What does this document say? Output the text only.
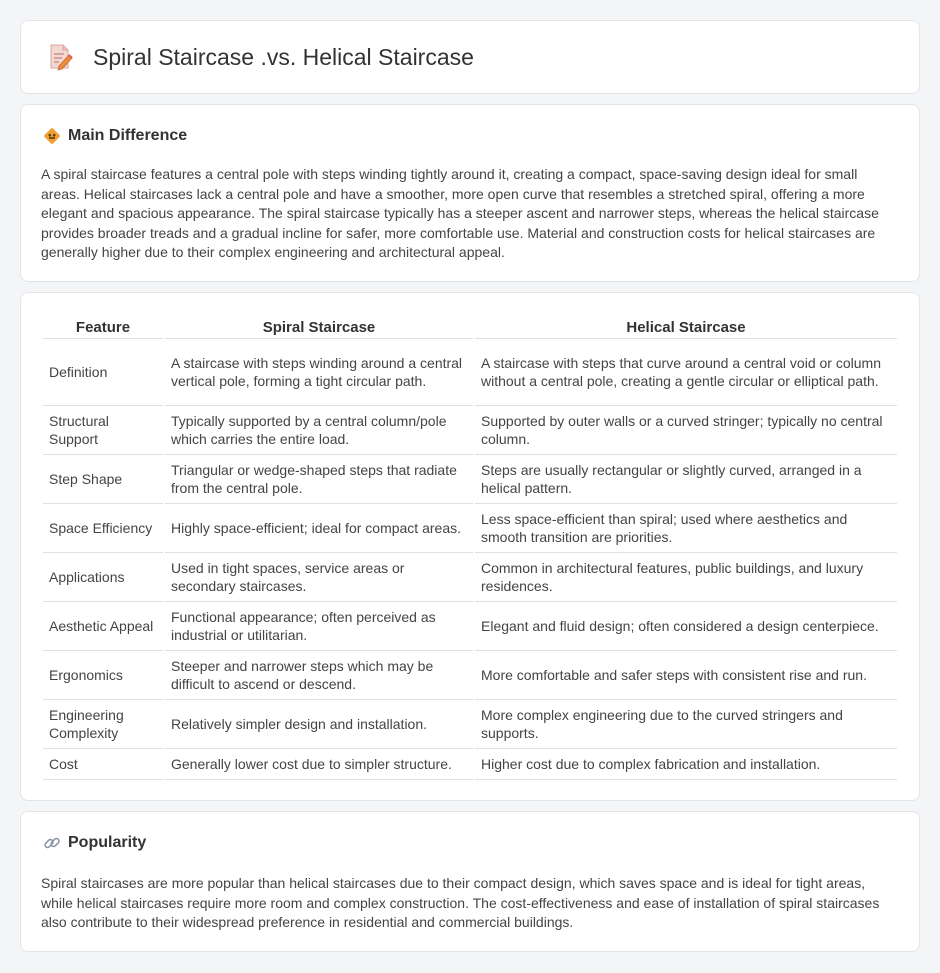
Spiral Staircase .vs. Helical Staircase
Main Difference

A spiral staircase features a central pole with steps winding tightly around it, creating a compact, space-saving design ideal for small areas. Helical staircases lack a central pole and have a smoother, more open curve that resembles a stretched spiral, offering a more elegant and spacious appearance. The spiral staircase typically has a steeper ascent and narrower steps, whereas the helical staircase provides broader treads and a gradual incline for safer, more comfortable use. Material and construction costs for helical staircases are generally higher due to their complex engineering and architectural appeal.

Feature	Spiral Staircase	Helical Staircase
Definition	A staircase with steps winding around a central vertical pole, forming a tight circular path.	A staircase with steps that curve around a central void or column without a central pole, creating a gentle circular or elliptical path.
Structural Support	Typically supported by a central column/pole which carries the entire load.	Supported by outer walls or a curved stringer; typically no central column.
Step Shape	Triangular or wedge-shaped steps that radiate from the central pole.	Steps are usually rectangular or slightly curved, arranged in a helical pattern.
Space Efficiency	Highly space-efficient; ideal for compact areas.	Less space-efficient than spiral; used where aesthetics and smooth transition are priorities.
Applications	Used in tight spaces, service areas or secondary staircases.	Common in architectural features, public buildings, and luxury residences.
Aesthetic Appeal	Functional appearance; often perceived as industrial or utilitarian.	Elegant and fluid design; often considered a design centerpiece.
Ergonomics	Steeper and narrower steps which may be difficult to ascend or descend.	More comfortable and safer steps with consistent rise and run.
Engineering Complexity	Relatively simpler design and installation.	More complex engineering due to the curved stringers and supports.
Cost	Generally lower cost due to simpler structure.	Higher cost due to complex fabrication and installation.
Popularity

Spiral staircases are more popular than helical staircases due to their compact design, which saves space and is ideal for tight areas, while helical staircases require more room and complex construction. The cost-effectiveness and ease of installation of spiral staircases also contribute to their widespread preference in residential and commercial buildings.
